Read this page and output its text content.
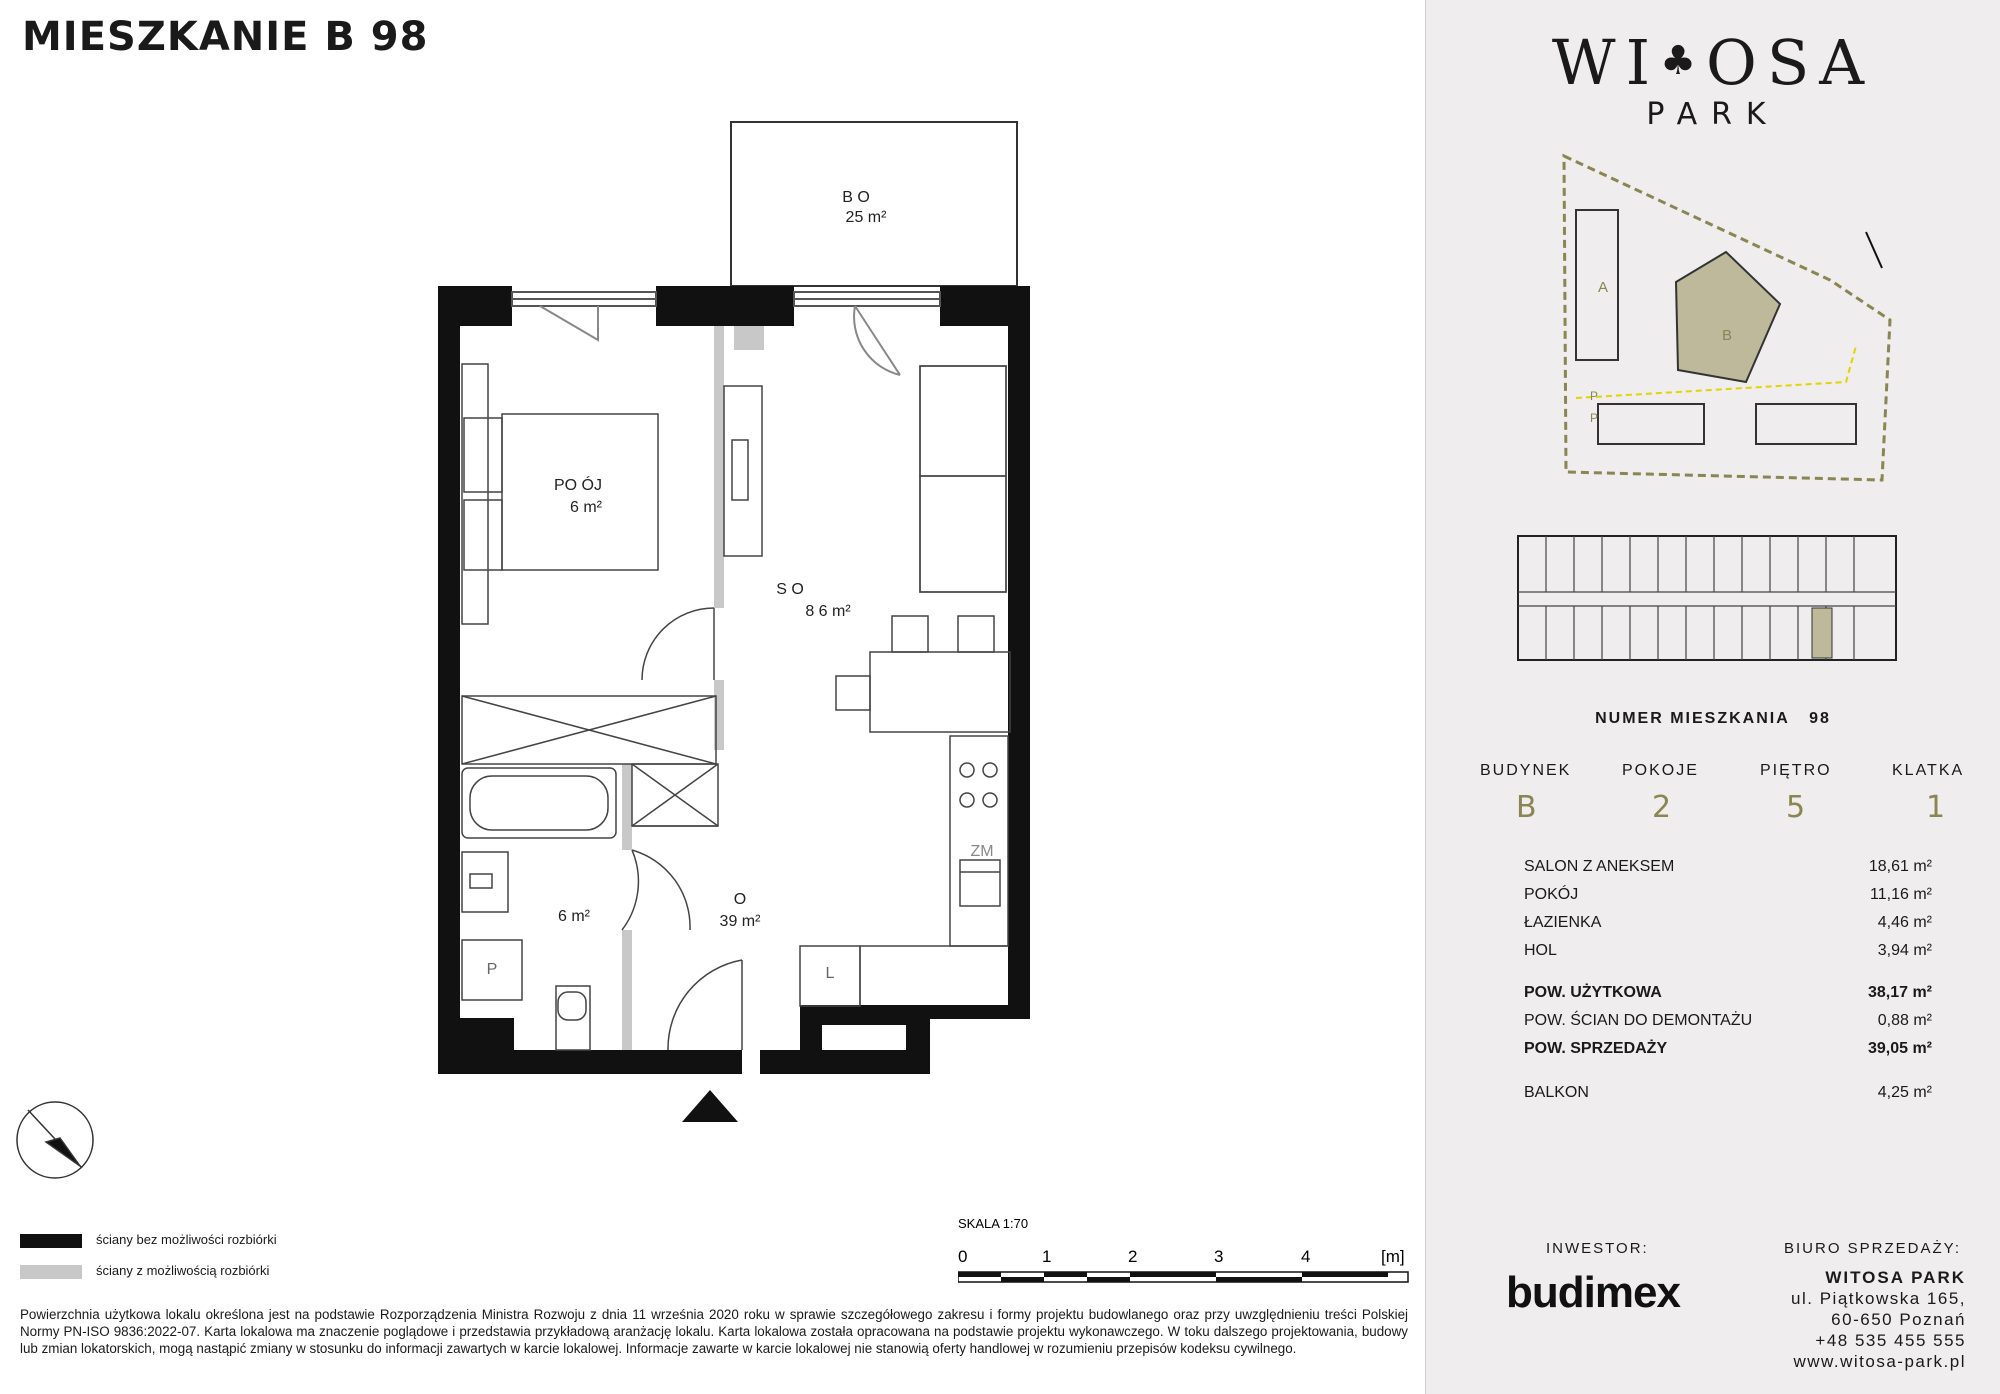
MIESZKANIE B 98
B O
25 m²
PO ÓJ
6 m²
S O
8 6 m²
6 m²
O
39 m²
ZM
L
P
ściany bez możliwości rozbiórki
ściany z możliwością rozbiórki
SKALA 1:70
0	1	2	3	4	[m]
Powierzchnia użytkowa lokalu określona jest na podstawie Rozporządzenia Ministra Rozwoju z dnia 11 września 2020 roku w sprawie szczegółowego zakresu i formy projektu budowlanego oraz przy uwzględnieniu treści Polskiej Normy PN-ISO 9836:2022-07. Karta lokalowa ma znaczenie poglądowe i przedstawia przykładową aranżację lokalu. Karta lokalowa została opracowana na podstawie projektu wykonawczego. W toku dalszego projektowania, budowy lub zmian lokatorskich, mogą nastąpić zmiany w stosunku do informacji zawartych w karcie lokalowej. Informacje zawarte w karcie lokalowej nie stanowią oferty handlowej w rozumieniu przepisów kodeksu cywilnego.
WI♣OSA
PARK
A
B
P
P
NUMER MIESZKANIA 98
BUDYNEK	POKOJE	PIĘTRO	KLATKA
B	2	5	1
SALON Z ANEKSEM	18,61 m²
POKÓJ	11,16 m²
ŁAZIENKA	4,46 m²
HOL	3,94 m²
POW. UŻYTKOWA	38,17 m²
POW. ŚCIAN DO DEMONTAŻU	0,88 m²
POW. SPRZEDAŻY	39,05 m²
BALKON	4,25 m²
INWESTOR:	BIURO SPRZEDAŻY:
budimex	WITOSA PARK
ul. Piątkowska 165,
60-650 Poznań
+48 535 455 555
www.witosa-park.pl
